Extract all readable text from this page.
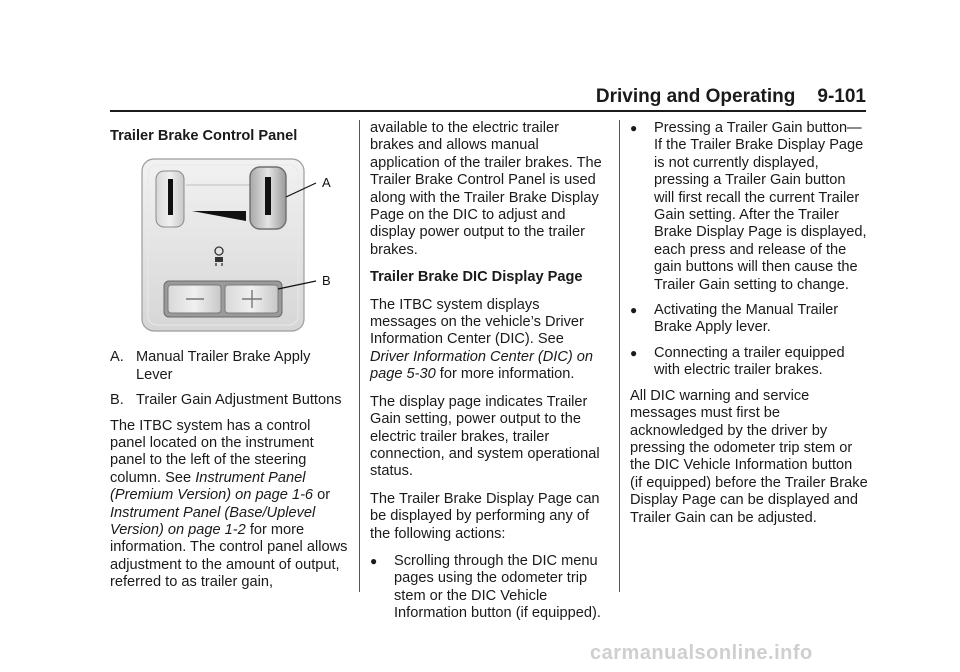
Driving and Operating 9-101
Trailer Brake Control Panel
A
B
A. Manual Trailer Brake Apply Lever
B. Trailer Gain Adjustment Buttons

The ITBC system has a control panel located on the instrument panel to the left of the steering column. See Instrument Panel (Premium Version) on page 1-6 or Instrument Panel (Base/Uplevel Version) on page 1-2 for more information. The control panel allows adjustment to the amount of output, referred to as trailer gain,

available to the electric trailer brakes and allows manual application of the trailer brakes. The Trailer Brake Control Panel is used along with the Trailer Brake Display Page on the DIC to adjust and display power output to the trailer brakes.

Trailer Brake DIC Display Page

The ITBC system displays messages on the vehicle’s Driver Information Center (DIC). See Driver Information Center (DIC) on page 5-30 for more information.

The display page indicates Trailer Gain setting, power output to the electric trailer brakes, trailer connection, and system operational status.

The Trailer Brake Display Page can be displayed by performing any of the following actions:

●	Scrolling through the DIC menu pages using the odometer trip stem or the DIC Vehicle Information button (if equipped).
●	Pressing a Trailer Gain button—If the Trailer Brake Display Page is not currently displayed, pressing a Trailer Gain button will first recall the current Trailer Gain setting. After the Trailer Brake Display Page is displayed, each press and release of the gain buttons will then cause the Trailer Gain setting to change.
●	Activating the Manual Trailer Brake Apply lever.
●	Connecting a trailer equipped with electric trailer brakes.

All DIC warning and service messages must first be acknowledged by the driver by pressing the odometer trip stem or the DIC Vehicle Information button (if equipped) before the Trailer Brake Display Page can be displayed and Trailer Gain can be adjusted.

carmanualsonline.info
